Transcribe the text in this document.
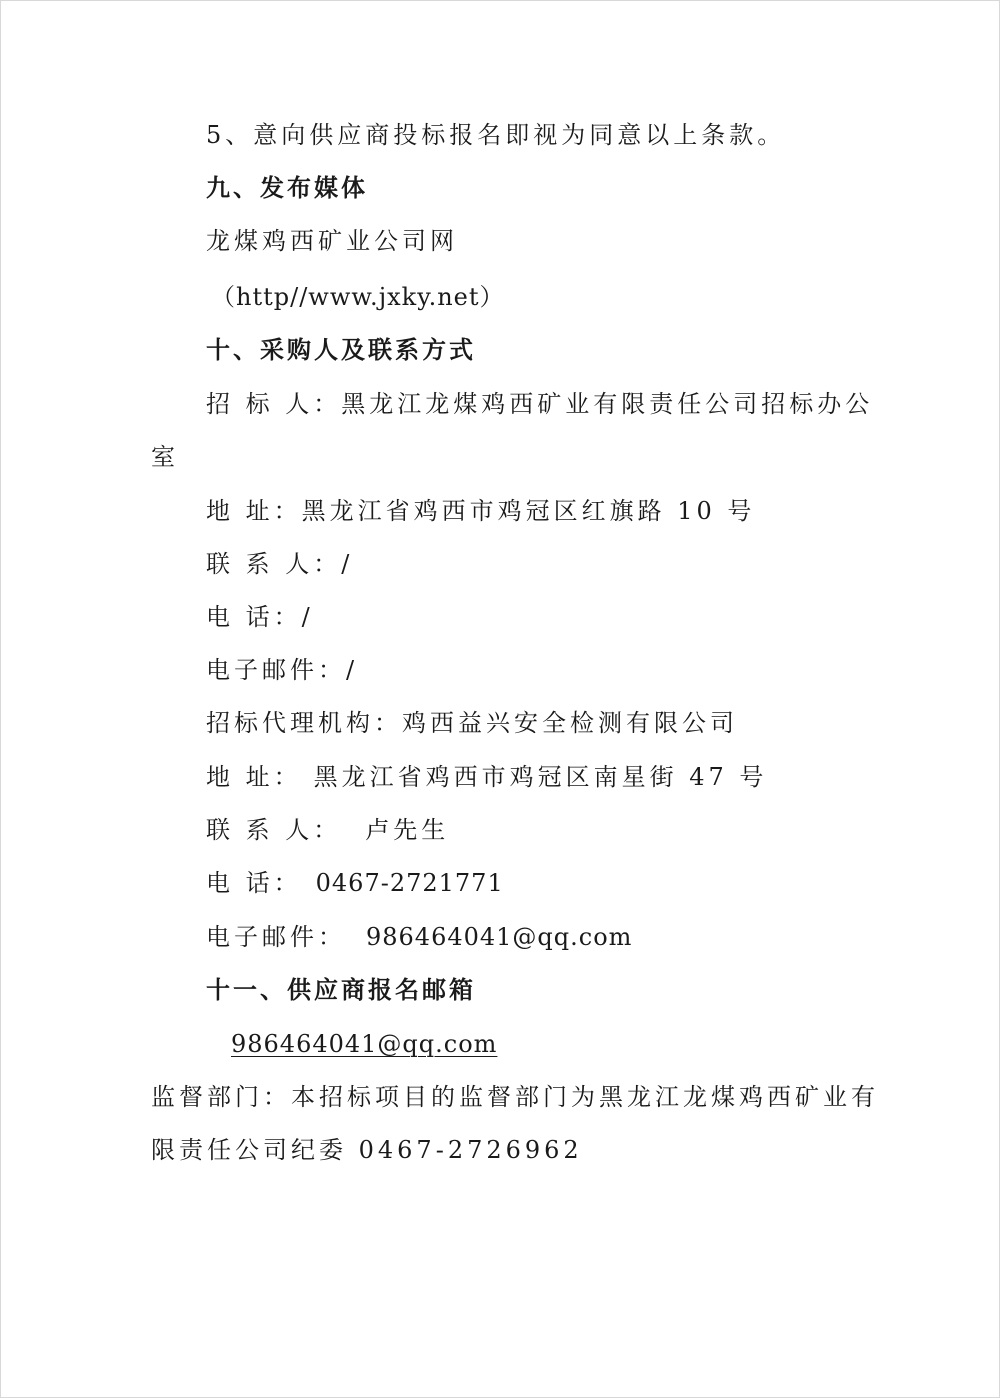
5、意向供应商投标报名即视为同意以上条款。
九、发布媒体
龙煤鸡西矿业公司网
（http//www.jxky.net）
十、采购人及联系方式
招 标 人：黑龙江龙煤鸡西矿业有限责任公司招标办公
室
地 址：黑龙江省鸡西市鸡冠区红旗路 10 号
联 系 人：/
电 话：/
电子邮件：/
招标代理机构：鸡西益兴安全检测有限公司
地 址： 黑龙江省鸡西市鸡冠区南星街 47 号
联 系 人： 卢先生
电 话： 0467-2721771
电子邮件： 986464041@qq.com
十一、供应商报名邮箱
986464041@qq.com
监督部门：本招标项目的监督部门为黑龙江龙煤鸡西矿业有
限责任公司纪委 0467-2726962
